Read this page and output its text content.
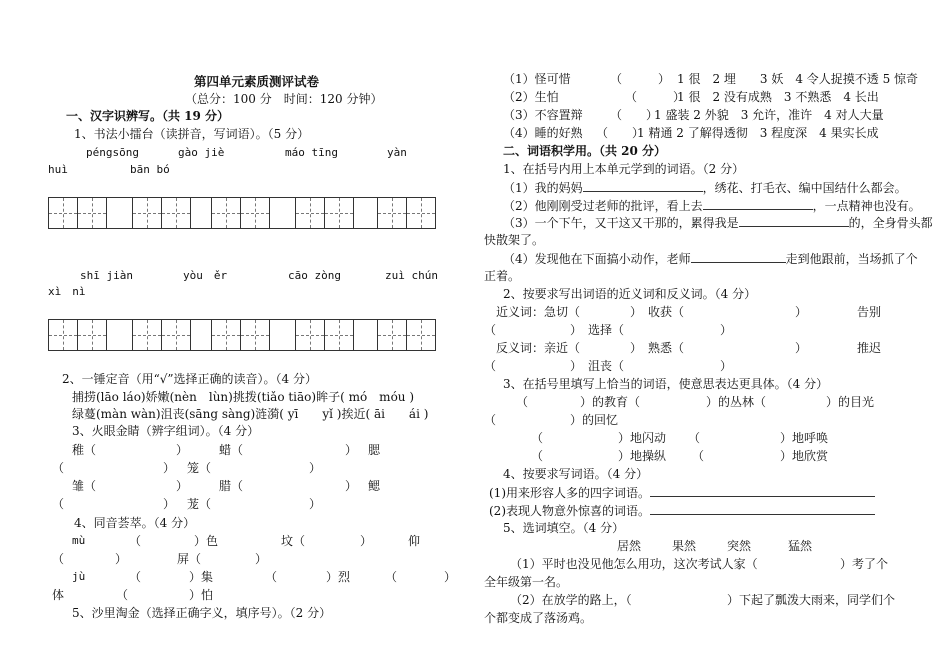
第四单元素质测评试卷
（总分：100 分　时间：120 分钟）
一、汉字识辨写。（共 19 分）
1、书法小擂台（读拼音，写词语）。（5 分）
péngsōng	gào jiè	máo tīng	yàn
huì	bān bó
shī jiàn	yòu　ěr	cāo zòng	zuì chún
xì　nì
2、一锤定音（用“√”选择正确的读音）。（4 分）
捕捞(lāo láo)娇嫩(nèn　lùn)挑拨(tiǎo tiāo)眸子( mó　móu )
绿蔓(màn wàn)沮丧(sāng sàng)涟漪( yī　　yǐ )挨近( āi　　ái )
3、火眼金睛（辨字组词）。（4 分）
稚（	）	蜡（	） 腮
（	） 笼（	）
雏（	）	腊（	） 鳃
（	） 茏（	）
4、同音荟萃。（4 分）
mù	（	）色	坟（	）	仰
（	）	屏（	）
jù	（	）集	（	）烈	（	）
体	（	）怕
5、沙里淘金（选择正确字义，填序号）。（2 分）
（1）怪可惜	（　　　） 1 很　2 埋　　3 妖　4 令人捉摸不透 5 惊奇
（2）生怕	（　　　）
1 很　2 没有成熟　3 不熟悉　4 长出
（3）不容置辩 （　　）
1 盛装 2 外貌　3 允许，准许　4 对人大量
（4）睡的好熟 （　　）
1 精通 2 了解得透彻　3 程度深　4 果实长成
二、词语积学用。（共 20 分）
1、在括号内用上本单元学到的词语。（2 分）
（1）我的妈妈	，绣花、打毛衣、编中国结什么都会。
（2）他刚刚受过老师的批评，看上去	，一点精神也没有。
（3）一个下午，又干这又干那的，累得我是	的，全身骨头都
快散架了。
（4）发现他在下面搞小动作，老师	走到他跟前，当场抓了个
正着。
2、按要求写出词语的近义词和反义词。（4 分）
近义词：急切（	）　收获（	）	告别
（	）　选择（	）
反义词：亲近（	）　熟悉（	）	推迟
（	）　沮丧（	）
3、在括号里填写上恰当的词语，使意思表达更具体。（4 分）
（	）的教育（	）的丛林（	）的目光
（	）的回忆
（	）地闪动 （	）地呼唤
（	）地操纵 （	）地欣赏
4、按要求写词语。（4 分）
(1)用来形容人多的四字词语。
(2)表现人物意外惊喜的词语。
5、选词填空。（4 分）
居然	果然	突然	猛然
（1）平时也没见他怎么用功，这次考试人家（	）考了个
全年级第一名。
（2）在放学的路上，（	）下起了瓢泼大雨来，同学们个
个都变成了落汤鸡。
